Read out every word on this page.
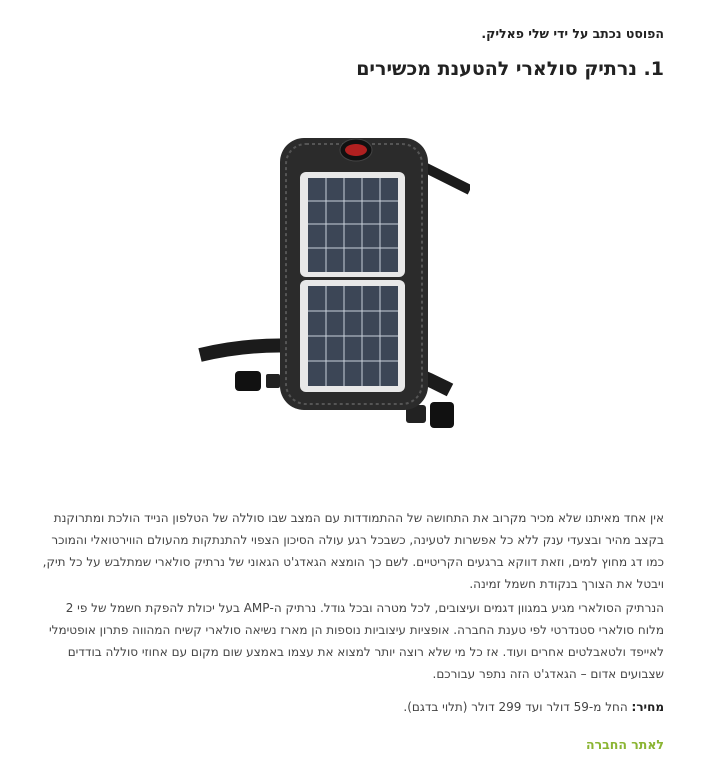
הפוסט נכתב על ידי שלי פאליק.
1. נרתיק סולארי להטענת מכשירים

אין אחד מאיתנו שלא מכיר מקרוב את התחושה של ההתמודדות עם המצב שבו סוללה של הטלפון הנייד הולכת ומתרוקנת בקצב מהיר ובצעדי ענק ללא כל אפשרות לטעינה, כשבכל רגע עולה הסיכון הצפוי להתנתקות מהעולם הווירטואלי והמוכר כמו דג מחוץ למים, וזאת דווקא ברגעים הקריטיים. לשם כך הומצא הגאדג'ט הגאוני של נרתיק סולארי שמתלבש על כל תיק, ויבטל את הצורך בנקודת חשמל זמינה.

הנרתיק הסולארי מגיע במגוון דגמים ועיצובים, לכל מטרה ובכל גודל. נרתיק ה-AMP בעל יכולת להפקת חשמל של פי 2 מלוח סולארי סטנדרטי לפי טענת החברה. אופציות עיצוביות נוספות הן מארז נשיאה סולארי קשיח המהווה פתרון אופטימלי לאייפד ולטאבלטים אחרים ועוד. אז כל מי שלא רוצה יותר למצוא את עצמו באמצע שום מקום עם אחוזי סוללה בודדים שצבועים אדום – הגאדג'ט הזה נתפר עבורכם.

מחיר: החל מ-59 דולר ועד 299 דולר (תלוי בדגם).
לאתר החברה
